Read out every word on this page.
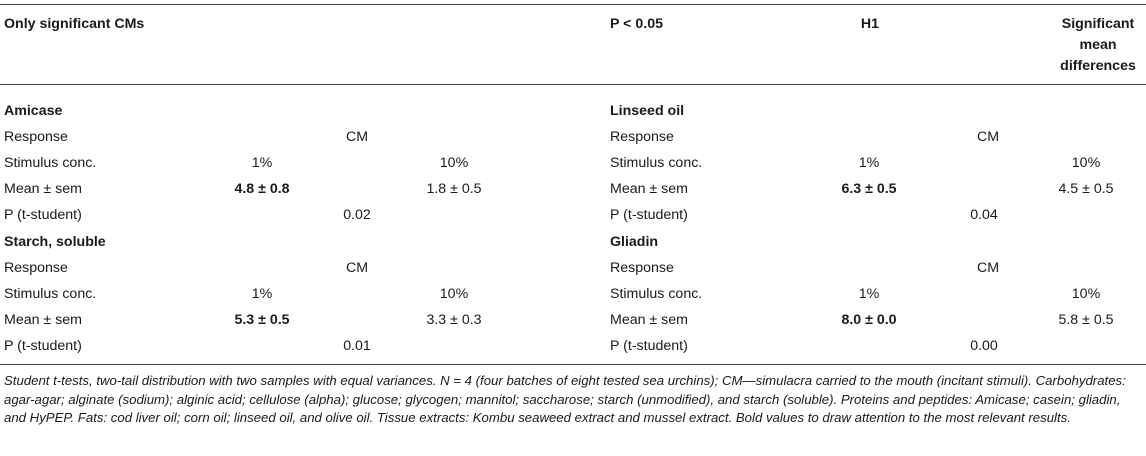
Only significant CMs	P < 0.05	H1	Significant
mean
differences
Amicase
Response	CM
Stimulus conc.	1%	10%
Mean ± sem	4.8 ± 0.8	1.8 ± 0.5
P (t-student)	0.02
Starch, soluble
Response	CM
Stimulus conc.	1%	10%
Mean ± sem	5.3 ± 0.5	3.3 ± 0.3
P (t-student)	0.01
Linseed oil
Response	CM
Stimulus conc.	1%	10%
Mean ± sem	6.3 ± 0.5	4.5 ± 0.5
P (t-student)	0.04
Gliadin
Response	CM
Stimulus conc.	1%	10%
Mean ± sem	8.0 ± 0.0	5.8 ± 0.5
P (t-student)	0.00
Student t-tests, two-tail distribution with two samples with equal variances. N = 4 (four batches of eight tested sea urchins); CM—simulacra carried to the mouth (incitant stimuli). Carbohydrates: agar-agar; alginate (sodium); alginic acid; cellulose (alpha); glucose; glycogen; mannitol; saccharose; starch (unmodified), and starch (soluble). Proteins and peptides: Amicase; casein; gliadin, and HyPEP. Fats: cod liver oil; corn oil; linseed oil, and olive oil. Tissue extracts: Kombu seaweed extract and mussel extract. Bold values to draw attention to the most relevant results.
